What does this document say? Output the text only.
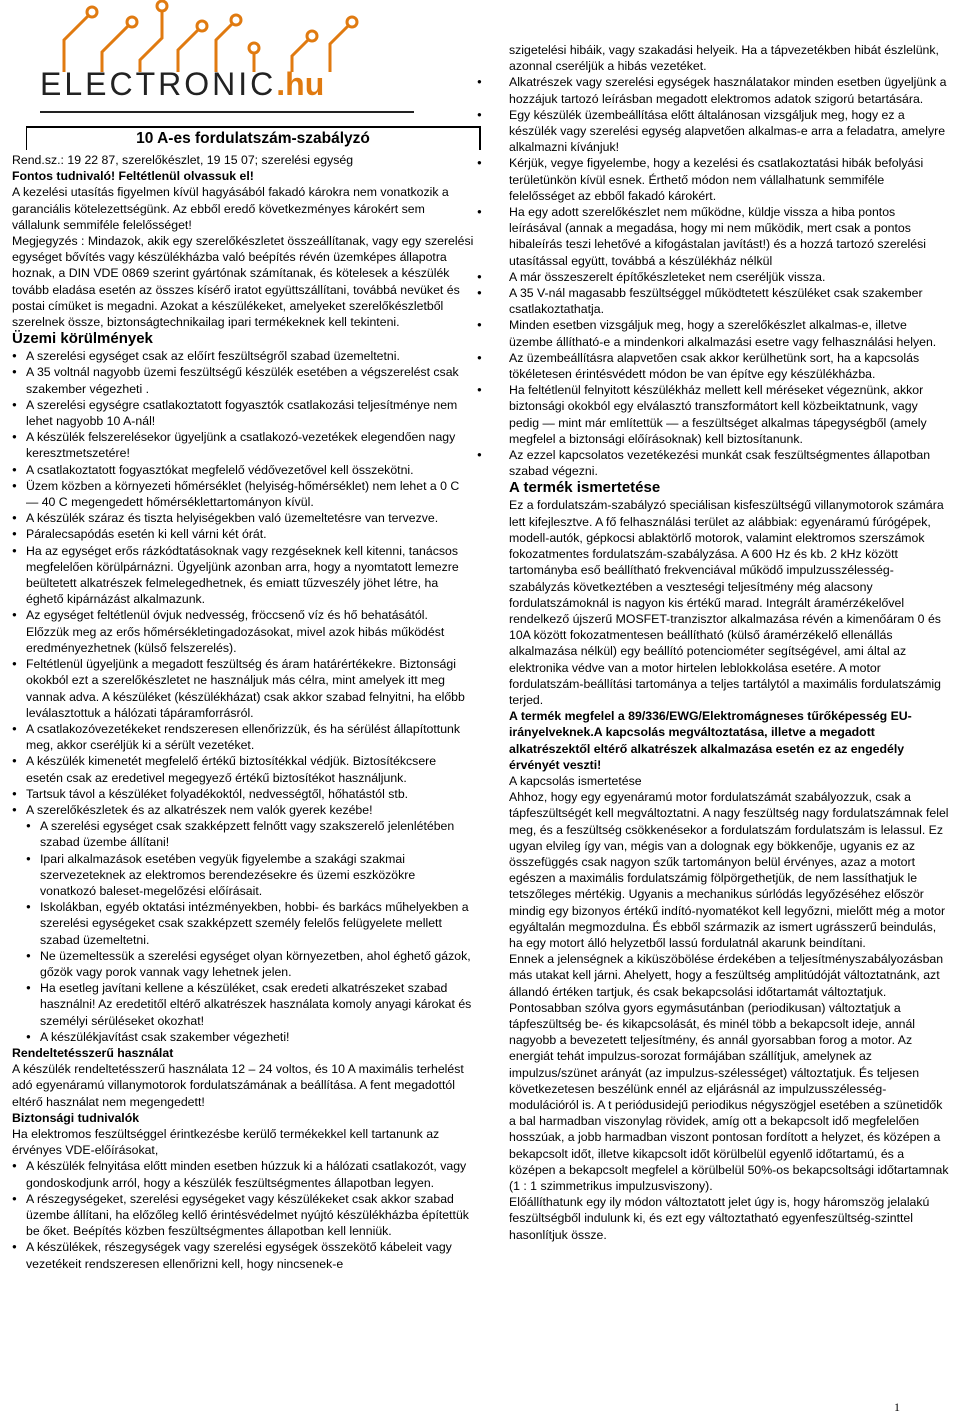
ELECTRONIC.hu
10 A-es fordulatszám-szabályzó

Rend.sz.: 19 22 87, szerelőkészlet, 19 15 07; szerelési egység

Fontos tudnivaló! Feltétlenül olvassuk el!

A kezelési utasítás figyelmen kívül hagyásából fakadó károkra nem vonatkozik a garanciális kötelezettségünk. Az ebből eredő következményes károkért sem vállalunk semmiféle felelősséget!

Megjegyzés : Mindazok, akik egy szerelőkészletet összeállítanak, vagy egy szerelési egységet bővítés vagy készülékházba való beépítés révén üzemképes állapotra hoznak, a DIN VDE 0869 szerint gyártónak számítanak, és kötelesek a készülék tovább eladása esetén az összes kísérő iratot együttszállítani, továbbá nevüket és postai címüket is megadni. Azokat a készülékeket, amelyeket szerelőkészletből szerelnek össze, biztonságtechnikailag ipari termékeknek kell tekinteni.

Üzemi körülmények
● A szerelési egységet csak az előírt feszültségről szabad üzemeltetni.
● A 35 voltnál nagyobb üzemi feszültségű készülék esetében a végszerelést csak szakember végezheti .
● A szerelési egységre csatlakoztatott fogyasztók csatlakozási teljesítménye nem lehet nagyobb 10 A-nál!
● A készülék felszerelésekor ügyeljünk a csatlakozó-vezetékek elegendően nagy keresztmetszetére!
● A csatlakoztatott fogyasztókat megfelelő védővezetővel kell összekötni.
● Üzem közben a környezeti hőmérséklet (helyiség-hőmérséklet) nem lehet a 0 C — 40 C megengedett hőmérséklettartományon kívül.
● A készülék száraz és tiszta helyiségekben való üzemeltetésre van tervezve.
● Páralecsapódás esetén ki kell várni két órát.
● Ha az egységet erős rázkódtatásoknak vagy rezgéseknek kell kitenni, tanácsos megfelelően körülpárnázni. Ügyeljünk azonban arra, hogy a nyomtatott lemezre beültetett alkatrészek felmelegedhetnek, és emiatt tűzveszély jöhet létre, ha éghető kipárnázást alkalmazunk.
● Az egységet feltétlenül óvjuk nedvesség, fröccsenő víz és hő behatásától. Előzzük meg az erős hőmérsékletingadozásokat, mivel azok hibás működést eredményezhetnek (külső felszerelés).
● Feltétlenül ügyeljünk a megadott feszültség és áram határértékekre. Biztonsági okokból ezt a szerelőkészletet ne használjuk más célra, mint amelyek itt meg vannak adva. A készüléket (készülékházat) csak akkor szabad felnyitni, ha előbb leválasztottuk a hálózati tápáramforrásról.
● A csatlakozóvezetékeket rendszeresen ellenőrizzük, és ha sérülést állapítottunk meg, akkor cseréljük ki a sérült vezetéket.
● A készülék kimenetét megfelelő értékű biztosítékkal védjük. Biztosítékcsere esetén csak az eredetivel megegyező értékű biztosítékot használjunk.
● Tartsuk távol a készüléket folyadékoktól, nedvességtől, hőhatástól stb.
● A szerelőkészletek és az alkatrészek nem valók gyerek kezébe!
● A szerelési egységet csak szakképzett felnőtt vagy szakszerelő jelenlétében szabad üzembe állítani!
● Ipari alkalmazások esetében vegyük figyelembe a szakági szakmai szervezeteknek az elektromos berendezésekre és üzemi eszközökre vonatkozó baleset-megelőzési előírásait.
● Iskolákban, egyéb oktatási intézményekben, hobbi- és barkács műhelyekben a szerelési egységeket csak szakképzett személy felelős felügyelete mellett szabad üzemeltetni.
● Ne üzemeltessük a szerelési egységet olyan környezetben, ahol éghető gázok, gőzök vagy porok vannak vagy lehetnek jelen.
● Ha esetleg javítani kellene a készüléket, csak eredeti alkatrészeket szabad használni! Az eredetitől eltérő alkatrészek használata komoly anyagi károkat és személyi sérüléseket okozhat!
● A készülékjavítást csak szakember végezheti!

Rendeltetésszerű használat

A készülék rendeltetésszerű használata 12 – 24 voltos, és 10 A maximális terhelést adó egyenáramú villanymotorok fordulatszámának a beállítása. A fent megadottól eltérő használat nem megengedett!

Biztonsági tudnivalók

Ha elektromos feszültséggel érintkezésbe kerülő termékekkel kell tartanunk az érvényes VDE-előírásokat,

● A készülék felnyitása előtt minden esetben húzzuk ki a hálózati csatlakozót, vagy gondoskodjunk arról, hogy a készülék feszültségmentes állapotban legyen.
● A részegységeket, szerelési egységeket vagy készülékeket csak akkor szabad üzembe állítani, ha előzőleg kellő érintésvédelmet nyújtó készülékházba építettük be őket. Beépítés közben feszültségmentes állapotban kell lenniük.
● A készülékek, részegységek vagy szerelési egységek összekötő kábeleit vagy vezetékeit rendszeresen ellenőrizni kell, hogy nincsenek-e

szigetelési hibáik, vagy szakadási helyeik. Ha a tápvezetékben hibát észlelünk, azonnal cseréljük a hibás vezetéket.

● Alkatrészek vagy szerelési egységek használatakor minden esetben ügyeljünk a hozzájuk tartozó leírásban megadott elektromos adatok szigorú betartására.
● Egy készülék üzembeállítása előtt általánosan vizsgáljuk meg, hogy ez a készülék vagy szerelési egység alapvetően alkalmas-e arra a feladatra, amelyre alkalmazni kívánjuk!
● Kérjük, vegye figyelembe, hogy a kezelési és csatlakoztatási hibák befolyási területünkön kívül esnek. Érthető módon nem vállalhatunk semmiféle felelősséget az ebből fakadó károkért.
● Ha egy adott szerelőkészlet nem működne, küldje vissza a hiba pontos leírásával (annak a megadása, hogy mi nem működik, mert csak a pontos hibaleírás teszi lehetővé a kifogástalan javítást!) és a hozzá tartozó szerelési utasítással együtt, továbbá a készülékház nélkül
● A már összeszerelt építőkészleteket nem cseréljük vissza.
● A 35 V-nál magasabb feszültséggel működtetett készüléket csak szakember csatlakoztathatja.
● Minden esetben vizsgáljuk meg, hogy a szerelőkészlet alkalmas-e, illetve üzembe állítható-e a mindenkori alkalmazási esetre vagy felhasználási helyen.
● Az üzembeállításra alapvetően csak akkor kerülhetünk sort, ha a kapcsolás tökéletesen érintésvédett módon be van építve egy készülékházba.
● Ha feltétlenül felnyitott készülékház mellett kell méréseket végeznünk, akkor biztonsági okokból egy elválasztó transzformátort kell közbeiktatnunk, vagy pedig — mint már említettük — a feszültséget alkalmas tápegységből (amely megfelel a biztonsági előírásoknak) kell biztosítanunk.
● Az ezzel kapcsolatos vezetékezési munkát csak feszültségmentes állapotban szabad végezni.
A termék ismertetése

Ez a fordulatszám-szabályzó speciálisan kisfeszültségű villanymotorok számára lett kifejlesztve. A fő felhasználási terület az alábbiak: egyenáramú fúrógépek, modell-autók, gépkocsi ablaktörlő motorok, valamint elektromos szerszámok fokozatmentes fordulatszám-szabályzása. A 600 Hz és kb. 2 kHz között tartományba eső beállítható frekvenciával működő impulzusszélesség-szabályzás következtében a veszteségi teljesítmény még alacsony fordulatszámoknál is nagyon kis értékű marad. Integrált áramérzékelővel rendelkező újszerű MOSFET-tranzisztor alkalmazása révén a kimenőáram 0 és 10A között fokozatmentesen beállítható (külső áramérzékelő ellenállás alkalmazása nélkül) egy beállító potenciométer segítségével, ami által az elektronika védve van a motor hirtelen leblokkolása esetére. A motor fordulatszám-beállítási tartománya a teljes tartálytól a maximális fordulatszámig terjed.

A termék megfelel a 89/336/EWG/Elektromágneses tűrőképesség EU-irányelveknek.A kapcsolás megváltoztatása, illetve a megadott alkatrészektől eltérő alkatrészek alkalmazása esetén ez az engedély érvényét veszti!

A kapcsolás ismertetése

Ahhoz, hogy egy egyenáramú motor fordulatszámát szabályozzuk, csak a tápfeszültségét kell megváltoztatni. A nagy feszültség nagy fordulatszámnak felel meg, és a feszültség csökkenésekor a fordulatszám fordulatszám is lelassul. Ez ugyan elvileg így van, mégis van a dolognak egy bökkenője, ugyanis ez az összefüggés csak nagyon szűk tartományon belül érvényes, azaz a motort egészen a maximális fordulatszámig fölpörgethetjük, de nem lassíthatjuk le tetszőleges mértékig. Ugyanis a mechanikus súrlódás legyőzéséhez először mindig egy bizonyos értékű indító-nyomatékot kell legyőzni, mielőtt még a motor egyáltalán megmozdulna. És ebből származik az ismert ugrásszerű beindulás, ha egy motort álló helyzetből lassú fordulatnál akarunk beindítani.

Ennek a jelenségnek a kiküszöbölése érdekében a teljesítményszabályozásban más utakat kell járni. Ahelyett, hogy a feszültség amplitúdóját változtatnánk, azt állandó értéken tartjuk, és csak bekapcsolási időtartamát változtatjuk. Pontosabban szólva gyors egymásutánban (periodikusan) változtatjuk a tápfeszültség be- és kikapcsolását, és minél több a bekapcsolt ideje, annál nagyobb a bevezetett teljesítmény, és annál gyorsabban forog a motor. Az energiát tehát impulzus-sorozat formájában szállítjuk, amelynek az impulzus/szünet arányát (az impulzus-szélességet) változtatjuk. És teljesen következetesen beszélünk ennél az eljárásnál az impulzusszélesség-modulációról is. A t periódusidejű periodikus négyszögjel esetében a szünetidők a bal harmadban viszonylag rövidek, amíg ott a bekapcsolt idő megfelelően hosszúak, a jobb harmadban viszont pontosan fordított a helyzet, és középen a bekapcsolt időt, illetve kikapcsolt időt körülbelül egyenlő időtartamú, és a középen a bekapcsolt megfelel a körülbelül 50%-os bekapcsoltsági időtartamnak (1 : 1 szimmetrikus impulzusviszony).

Előállíthatunk egy ily módon változtatott jelet úgy is, hogy háromszög jelalakú feszültségből indulunk ki, és ezt egy változtatható egyenfeszültség-szinttel hasonlítjuk össze.

1
